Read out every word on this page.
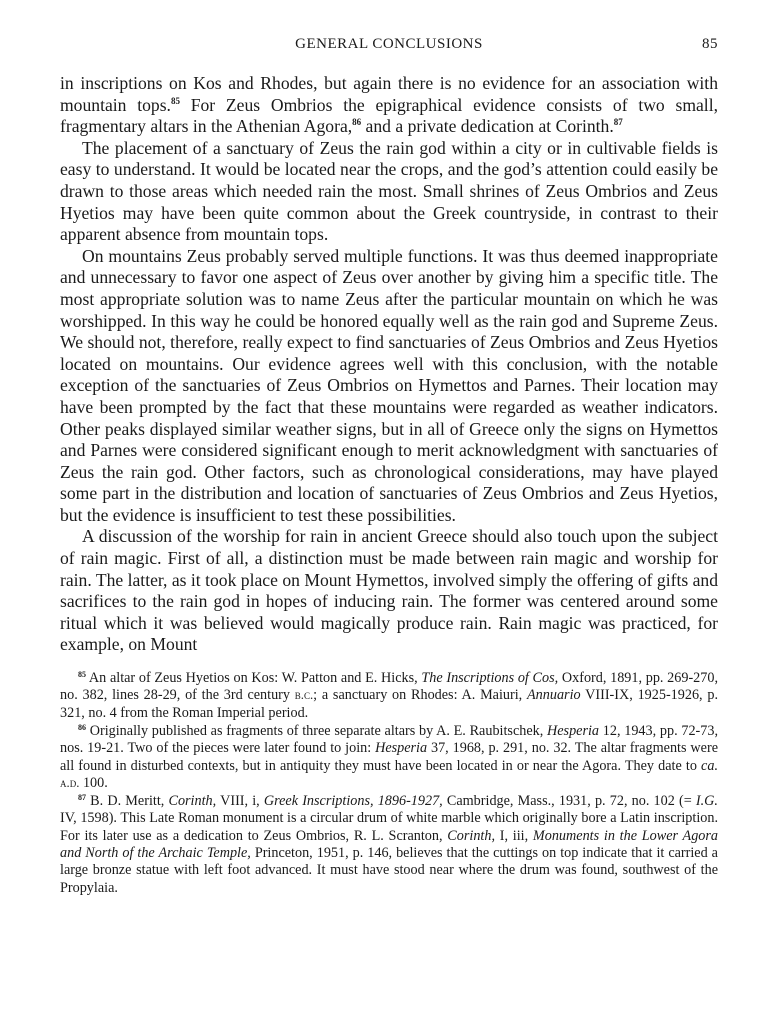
GENERAL CONCLUSIONS	85

in inscriptions on Kos and Rhodes, but again there is no evidence for an association with mountain tops.$^{85}$ For Zeus Ombrios the epigraphical evidence consists of two small, fragmentary altars in the Athenian Agora,$^{86}$ and a private dedication at Corinth.$^{87}$

The placement of a sanctuary of Zeus the rain god within a city or in cultivable fields is easy to understand. It would be located near the crops, and the god’s attention could easily be drawn to those areas which needed rain the most. Small shrines of Zeus Ombrios and Zeus Hyetios may have been quite common about the Greek countryside, in contrast to their apparent absence from mountain tops.

On mountains Zeus probably served multiple functions. It was thus deemed inappropriate and unnecessary to favor one aspect of Zeus over another by giving him a specific title. The most appropriate solution was to name Zeus after the particular mountain on which he was worshipped. In this way he could be honored equally well as the rain god and Supreme Zeus. We should not, therefore, really expect to find sanctuaries of Zeus Ombrios and Zeus Hyetios located on mountains. Our evidence agrees well with this conclusion, with the notable exception of the sanctuaries of Zeus Ombrios on Hymettos and Parnes. Their location may have been prompted by the fact that these mountains were regarded as weather indicators. Other peaks displayed similar weather signs, but in all of Greece only the signs on Hymettos and Parnes were considered significant enough to merit acknowledgment with sanctuaries of Zeus the rain god. Other factors, such as chronological considerations, may have played some part in the distribution and location of sanctuaries of Zeus Ombrios and Zeus Hyetios, but the evidence is insufficient to test these possibilities.

A discussion of the worship for rain in ancient Greece should also touch upon the subject of rain magic. First of all, a distinction must be made between rain magic and worship for rain. The latter, as it took place on Mount Hymettos, involved simply the offering of gifts and sacrifices to the rain god in hopes of inducing rain. The former was centered around some ritual which it was believed would magically produce rain. Rain magic was practiced, for example, on Mount

$^{85}$ An altar of Zeus Hyetios on Kos: W. Patton and E. Hicks, The Inscriptions of Cos, Oxford, 1891, pp. 269-270, no. 382, lines 28-29, of the 3rd century b.c.; a sanctuary on Rhodes: A. Maiuri, Annuario VIII-IX, 1925-1926, p. 321, no. 4 from the Roman Imperial period.

$^{86}$ Originally published as fragments of three separate altars by A. E. Raubitschek, Hesperia 12, 1943, pp. 72-73, nos. 19-21. Two of the pieces were later found to join: Hesperia 37, 1968, p. 291, no. 32. The altar fragments were all found in disturbed contexts, but in antiquity they must have been located in or near the Agora. They date to ca. a.d. 100.

$^{87}$ B. D. Meritt, Corinth, VIII, i, Greek Inscriptions, 1896-1927, Cambridge, Mass., 1931, p. 72, no. 102 (= I.G. IV, 1598). This Late Roman monument is a circular drum of white marble which originally bore a Latin inscription. For its later use as a dedication to Zeus Ombrios, R. L. Scranton, Corinth, I, iii, Monuments in the Lower Agora and North of the Archaic Temple, Princeton, 1951, p. 146, believes that the cuttings on top indicate that it carried a large bronze statue with left foot advanced. It must have stood near where the drum was found, southwest of the Propylaia.
